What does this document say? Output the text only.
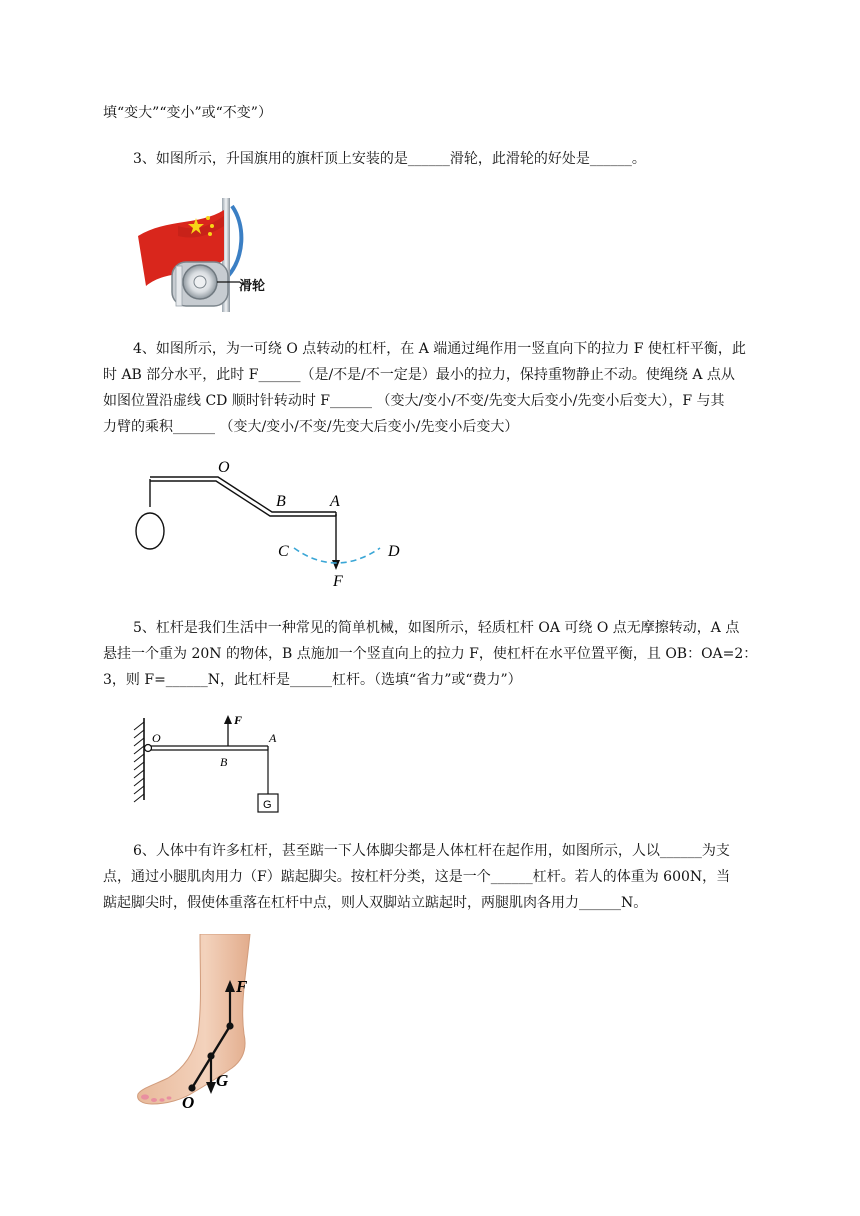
填“变大”“变小”或“不变”）
3、如图所示，升国旗用的旗杆顶上安装的是______滑轮，此滑轮的好处是______。
滑轮
4、如图所示，为一可绕 O 点转动的杠杆，在 A 端通过绳作用一竖直向下的拉力 F 使杠杆平衡，此
时 AB 部分水平，此时 F______（是/不是/不一定是）最小的拉力，保持重物静止不动。使绳绕 A 点从
如图位置沿虚线 CD 顺时针转动时 F______ （变大/变小/不变/先变大后变小/先变小后变大），F 与其
力臂的乘积______ （变大/变小/不变/先变大后变小/先变小后变大）
O
B	A
C	D
F
5、杠杆是我们生活中一种常见的简单机械，如图所示，轻质杠杆 OA 可绕 O 点无摩擦转动，A 点
悬挂一个重为 20N 的物体，B 点施加一个竖直向上的拉力 F，使杠杆在水平位置平衡，且 OB：OA=2：
3，则 F=______N，此杠杆是______杠杆。（选填“省力”或“费力”）
O
F
B
A
G
6、人体中有许多杠杆，甚至踮一下人体脚尖都是人体杠杆在起作用，如图所示，人以______为支
点，通过小腿肌肉用力（F）踮起脚尖。按杠杆分类，这是一个______杠杆。若人的体重为 600N，当
踮起脚尖时，假使体重落在杠杆中点，则人双脚站立踮起时，两腿肌肉各用力______N。
F
G
O
